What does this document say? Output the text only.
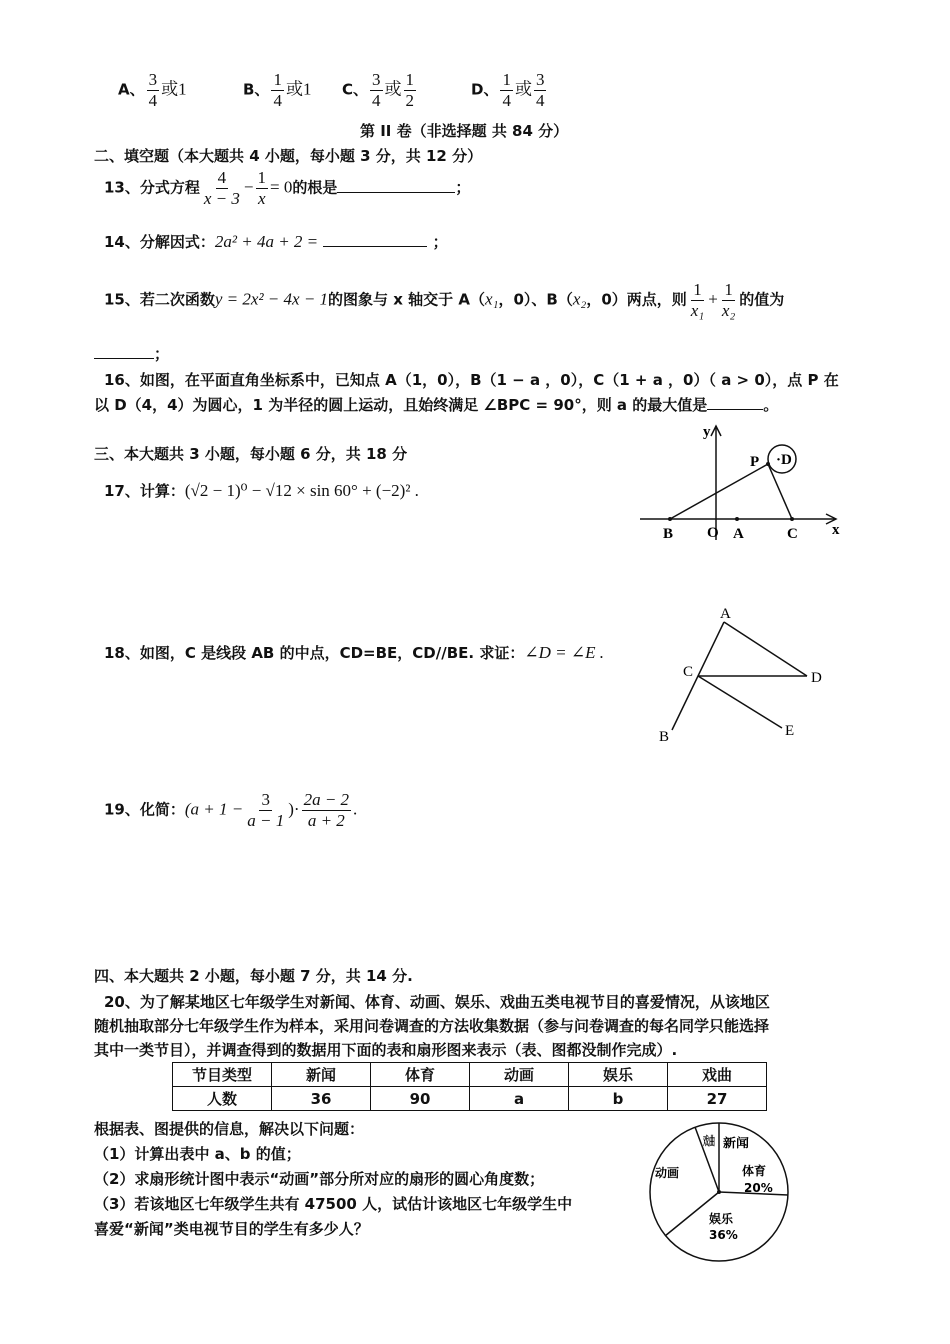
A、 $\frac{3}{4}$ 或1	B、 $\frac{1}{4}$ 或1 C、 $\frac{3}{4}$ 或 $\frac{1}{2}$	D、 $\frac{1}{4}$ 或 $\frac{3}{4}$
第 II 卷（非选择题 共 84 分）
二、填空题（本大题共 4 小题，每小题 3 分，共 12 分）
13、分式方程 $\frac{4}{x - 3} - \frac{1}{x} = 0$的根是	；
14、分解因式：2a² + 4a + 2 =	；
15、若二次函数y = 2x² − 4x − 1的图象与 x 轴交于 A（x₁，0）、B（x₂，0）两点，则 $\frac{1}{\text{x₁}} + \frac{1}{\text{x₂}}$ 的值为
；
16、如图，在平面直角坐标系中，已知点 A（1，0），B（1 − a ，0），C（1 + a ，0）（ a > 0），点 P 在
以 D（4，4）为圆心，1 为半径的圆上运动，且始终满足 ∠BPC = 90°，则 a 的最大值是	。
三、本大题共 3 小题，每小题 6 分，共 18 分
17、计算：(√2 − 1)⁰ − √12 × sin 60° + (−2)² .
y
x
P ·D
B O A	C
18、如图，C 是线段 AB 的中点，CD=BE，CD//BE. 求证：∠D = ∠E .
A
C	D
B	E
19、化简：($a + 1 - \frac{3}{a - 1}$ )· $\frac{2a - 2}{a + 2}$ .
四、本大题共 2 小题，每小题 7 分，共 14 分.
20、为了解某地区七年级学生对新闻、体育、动画、娱乐、戏曲五类电视节目的喜爱情况，从该地区
随机抽取部分七年级学生作为样本，采用问卷调查的方法收集数据（参与问卷调查的每名同学只能选择
其中一类节目），并调查得到的数据用下面的表和扇形图来表示（表、图都没制作完成）.
节目类型	新闻	体育	动画	娱乐	戏曲
人数	36	90	a	b	27
根据表、图提供的信息，解决以下问题：
（1）计算出表中 a、b 的值；
（2）求扇形统计图中表示“动画”部分所对应的扇形的圆心角度数；
（3）若该地区七年级学生共有 47500 人，试估计该地区七年级学生中
喜爱“新闻”类电视节目的学生有多少人？
新闻
体育
20%
娱乐
36%
动画
